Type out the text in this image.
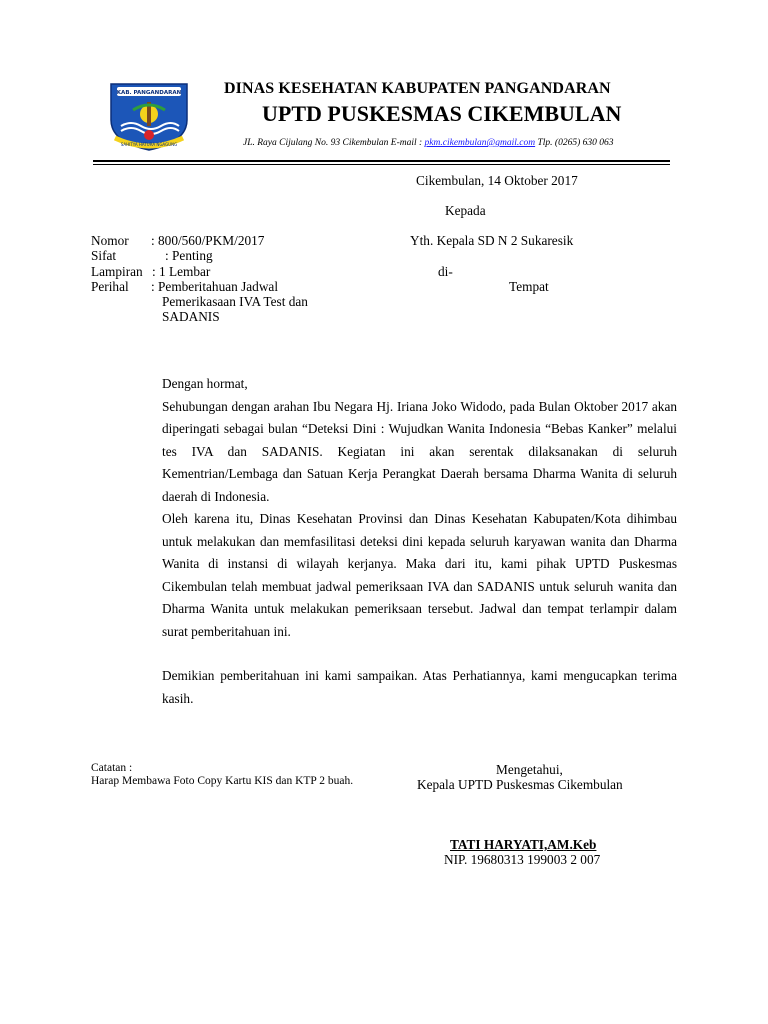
KAB. PANGANDARAN
SAHITYA HATURA NGAGUNG
DINAS KESEHATAN KABUPATEN PANGANDARAN
UPTD PUSKESMAS CIKEMBULAN
JL. Raya Cijulang No. 93 Cikembulan E-mail : pkm.cikembulan@gmail.com Tlp. (0265) 630 063
Cikembulan, 14 Oktober 2017
Kepada
Yth. Kepala SD N 2 Sukaresik
di-
Tempat
Nomor : 800/560/PKM/2017
Sifat	: Penting
Lampiran : 1 Lembar
Perihal : Pemberitahuan Jadwal
Pemerikasaan IVA Test dan
SADANIS

Dengan hormat,

Sehubungan dengan arahan Ibu Negara Hj. Iriana Joko Widodo, pada Bulan Oktober 2017 akan diperingati sebagai bulan “Deteksi Dini : Wujudkan Wanita Indonesia “Bebas Kanker” melalui tes IVA dan SADANIS. Kegiatan ini akan serentak dilaksanakan di seluruh Kementrian/Lembaga dan Satuan Kerja Perangkat Daerah bersama Dharma Wanita di seluruh daerah di Indonesia.

Oleh karena itu, Dinas Kesehatan Provinsi dan Dinas Kesehatan Kabupaten/Kota dihimbau untuk melakukan dan memfasilitasi deteksi dini kepada seluruh karyawan wanita dan Dharma Wanita di instansi di wilayah kerjanya. Maka dari itu, kami pihak UPTD Puskesmas Cikembulan telah membuat jadwal pemeriksaan IVA dan SADANIS untuk seluruh wanita dan Dharma Wanita untuk melakukan pemeriksaan tersebut. Jadwal dan tempat terlampir dalam surat pemberitahuan ini.

Demikian pemberitahuan ini kami sampaikan. Atas Perhatiannya, kami mengucapkan terima kasih.

Catatan :
Harap Membawa Foto Copy Kartu KIS dan KTP 2 buah.
Mengetahui,
Kepala UPTD Puskesmas Cikembulan
TATI HARYATI,AM.Keb
NIP. 19680313 199003 2 007
